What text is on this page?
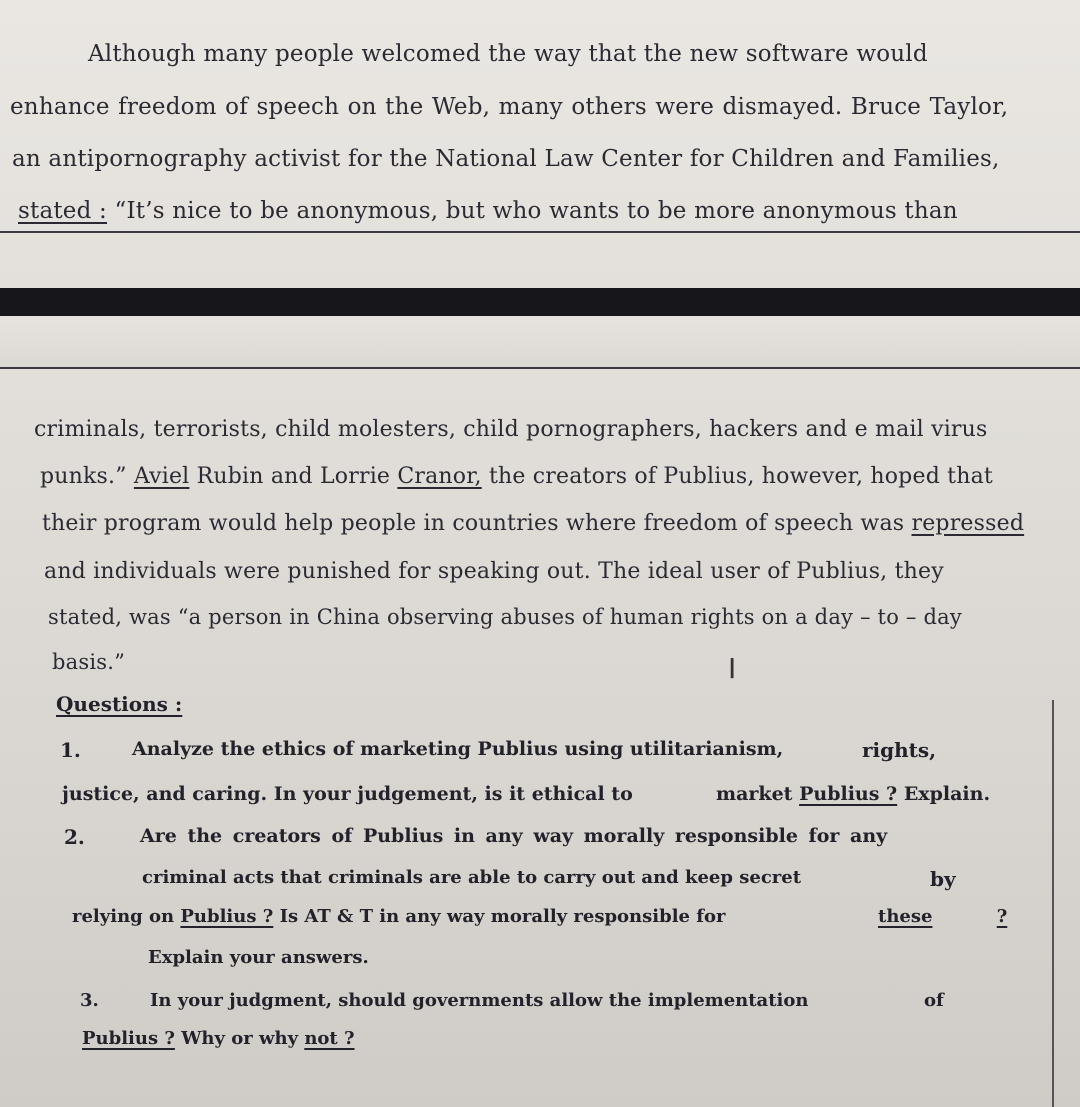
Although many people welcomed the way that the new software would
enhance freedom of speech on the Web, many others were dismayed. Bruce Taylor,
an antipornography activist for the National Law Center for Children and Families,
stated : “It’s nice to be anonymous, but who wants to be more anonymous than
criminals, terrorists, child molesters, child pornographers, hackers and e mail virus
punks.” Aviel Rubin and Lorrie Cranor, the creators of Publius, however, hoped that
their program would help people in countries where freedom of speech was repressed
and individuals were punished for speaking out. The ideal user of Publius, they
stated, was “a person in China observing abuses of human rights on a day – to – day
basis.”	I
Questions :
1.	Analyze the ethics of marketing Publius using utilitarianism,	rights,
justice, and caring. In your judgement, is it ethical to	market Publius ? Explain.
2.	Are the creators of Publius in any way morally responsible for any
criminal acts that criminals are able to carry out and keep secret	by
relying on Publius ? Is AT & T in any way morally responsible for	these	?
Explain your answers.
3.	In your judgment, should governments allow the implementation	of
Publius ? Why or why not ?
